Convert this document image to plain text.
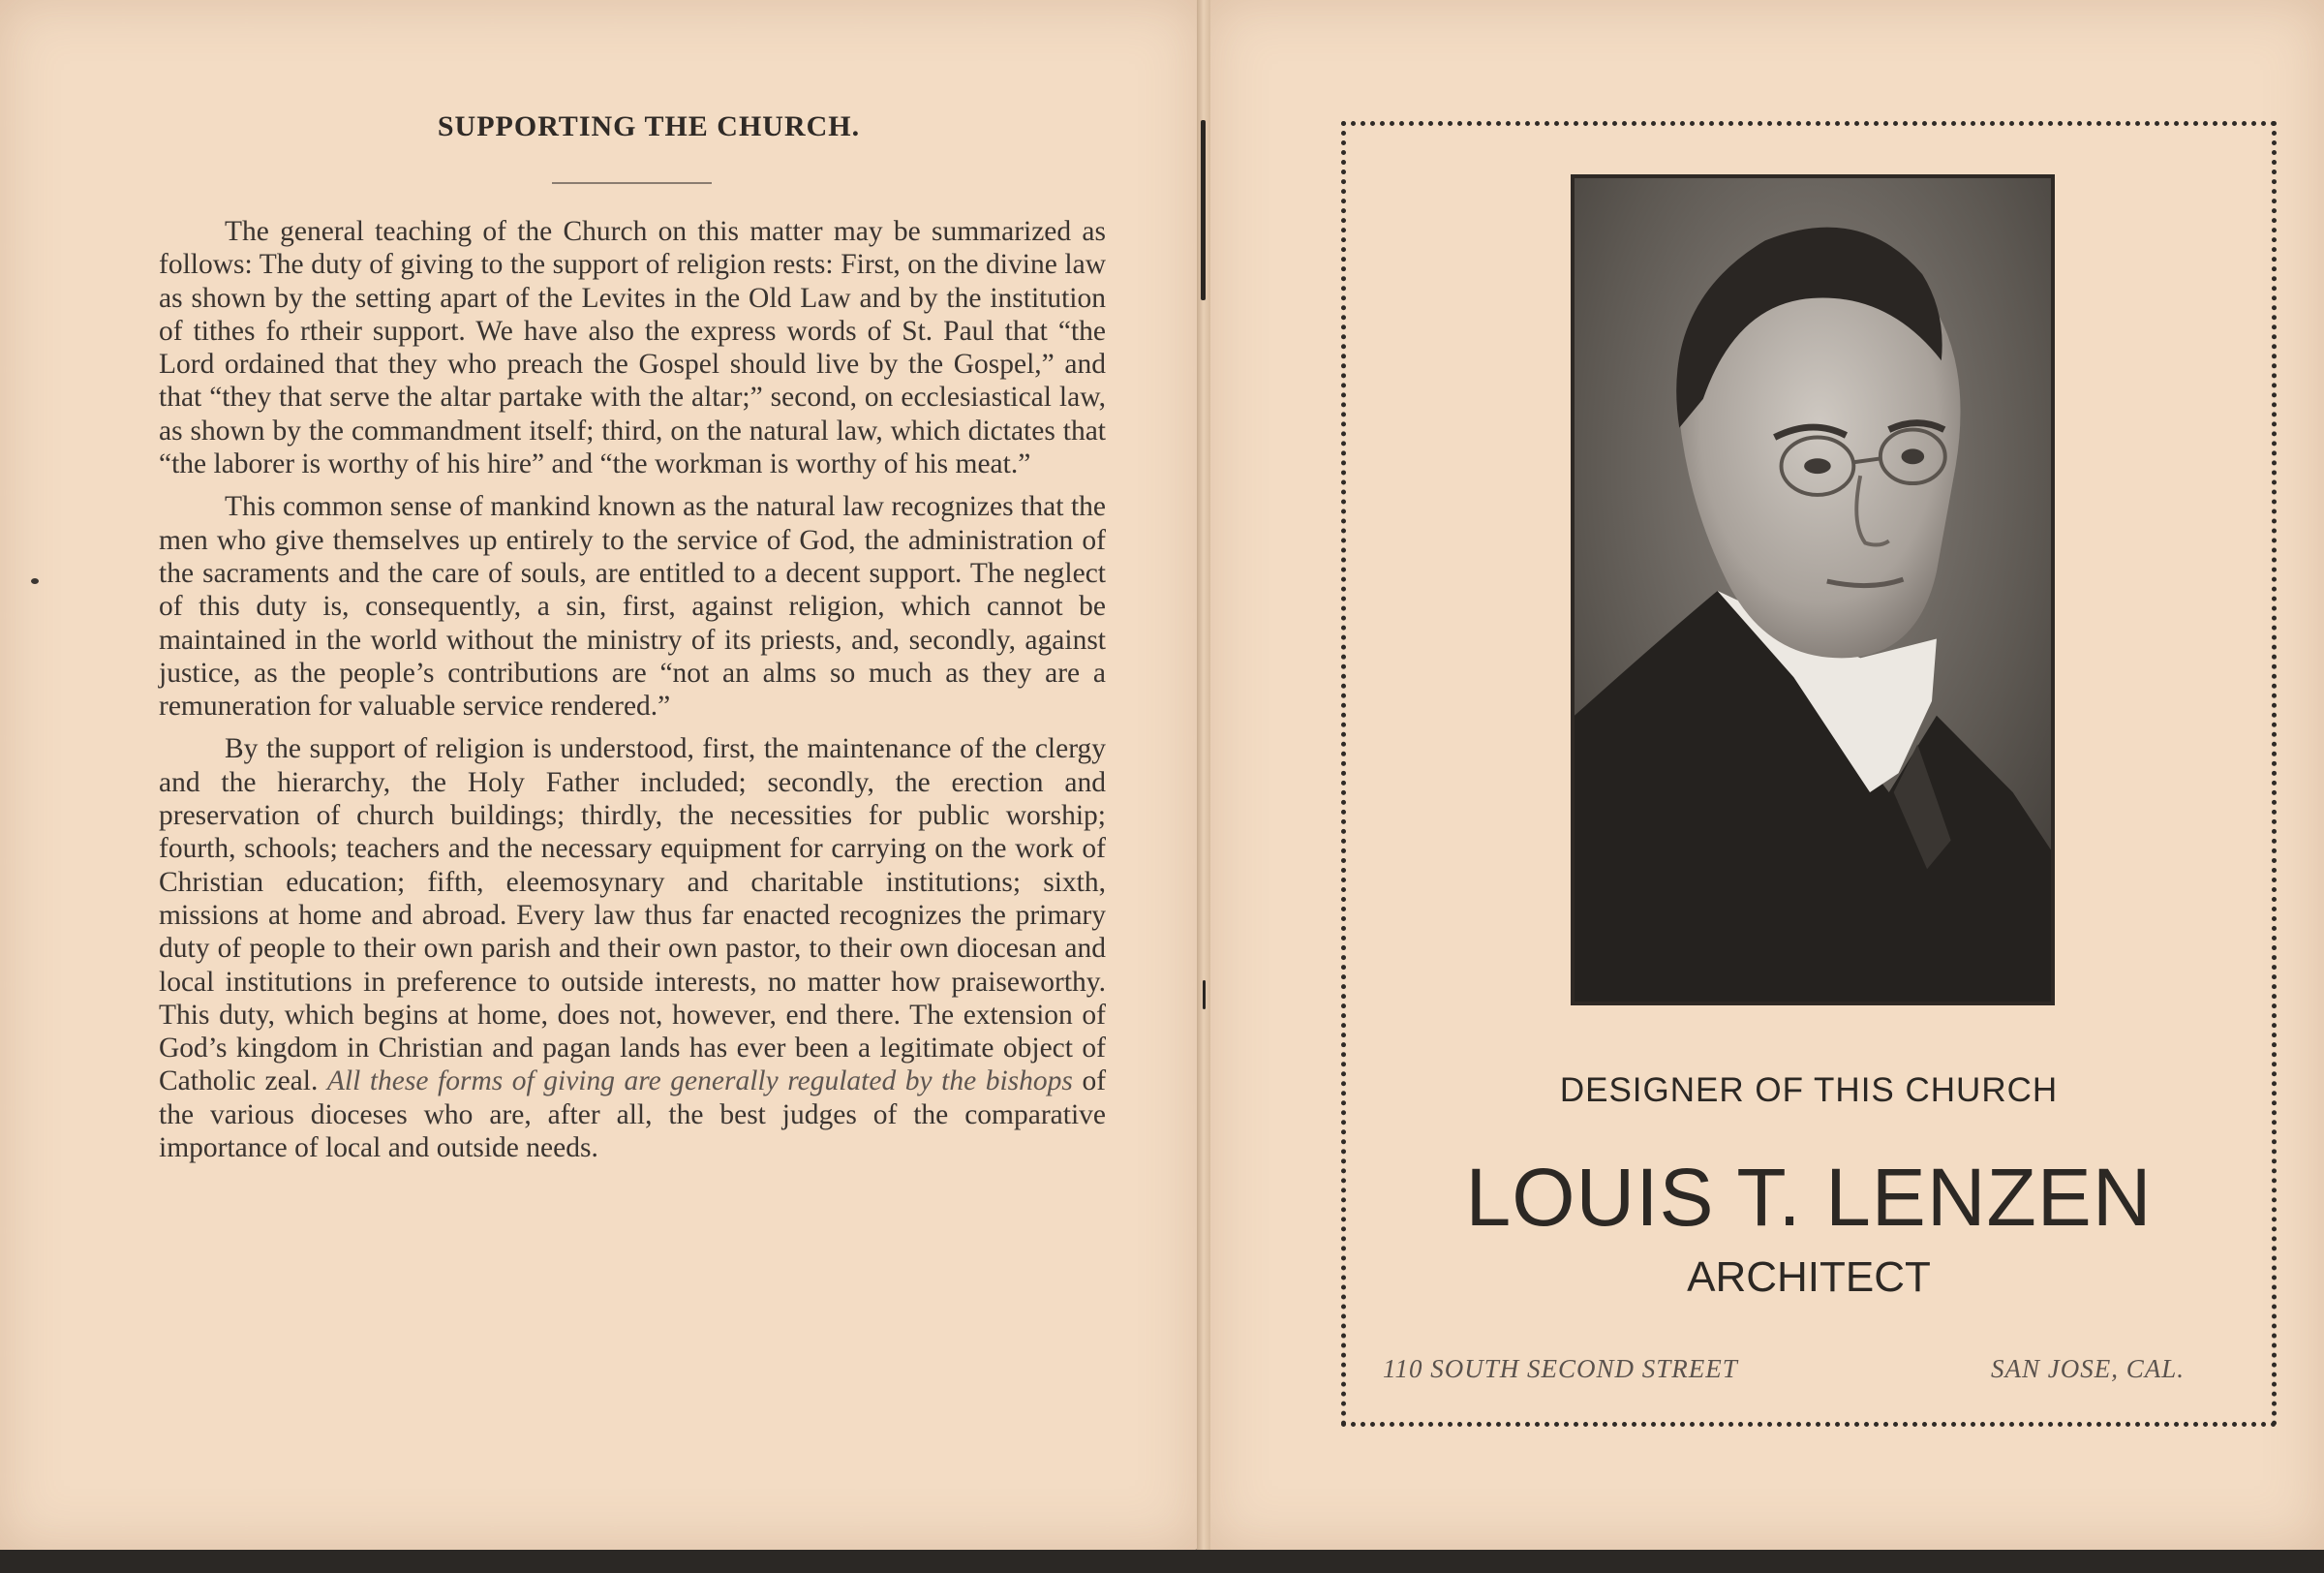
SUPPORTING THE CHURCH.

The general teaching of the Church on this matter may be summarized as follows: The duty of giving to the support of religion rests: First, on the divine law as shown by the setting apart of the Levites in the Old Law and by the institution of tithes fo rtheir support. We have also the express words of St. Paul that “the Lord ordained that they who preach the Gospel should live by the Gospel,” and that “they that serve the altar partake with the altar;” second, on ecclesiastical law, as shown by the commandment itself; third, on the natural law, which dictates that “the laborer is worthy of his hire” and “the workman is worthy of his meat.”

This common sense of mankind known as the natural law recognizes that the men who give themselves up entirely to the service of God, the administration of the sacraments and the care of souls, are entitled to a decent support. The neglect of this duty is, consequently, a sin, first, against religion, which cannot be maintained in the world without the ministry of its priests, and, secondly, against justice, as the people’s contributions are “not an alms so much as they are a remuneration for valuable service rendered.”

By the support of religion is understood, first, the maintenance of the clergy and the hierarchy, the Holy Father included; secondly, the erection and preservation of church buildings; thirdly, the necessities for public worship; fourth, schools; teachers and the necessary equipment for carrying on the work of Christian education; fifth, eleemosynary and charitable institutions; sixth, missions at home and abroad. Every law thus far enacted recognizes the primary duty of people to their own parish and their own pastor, to their own diocesan and local institutions in preference to outside interests, no matter how praiseworthy. This duty, which begins at home, does not, however, end there. The extension of God’s kingdom in Christian and pagan lands has ever been a legitimate object of Catholic zeal. All these forms of giving are generally regulated by the bishops of the various dioceses who are, after all, the best judges of the comparative importance of local and outside needs.

DESIGNER OF THIS CHURCH
LOUIS T. LENZEN
ARCHITECT
110 SOUTH SECOND STREET	SAN JOSE, CAL.
